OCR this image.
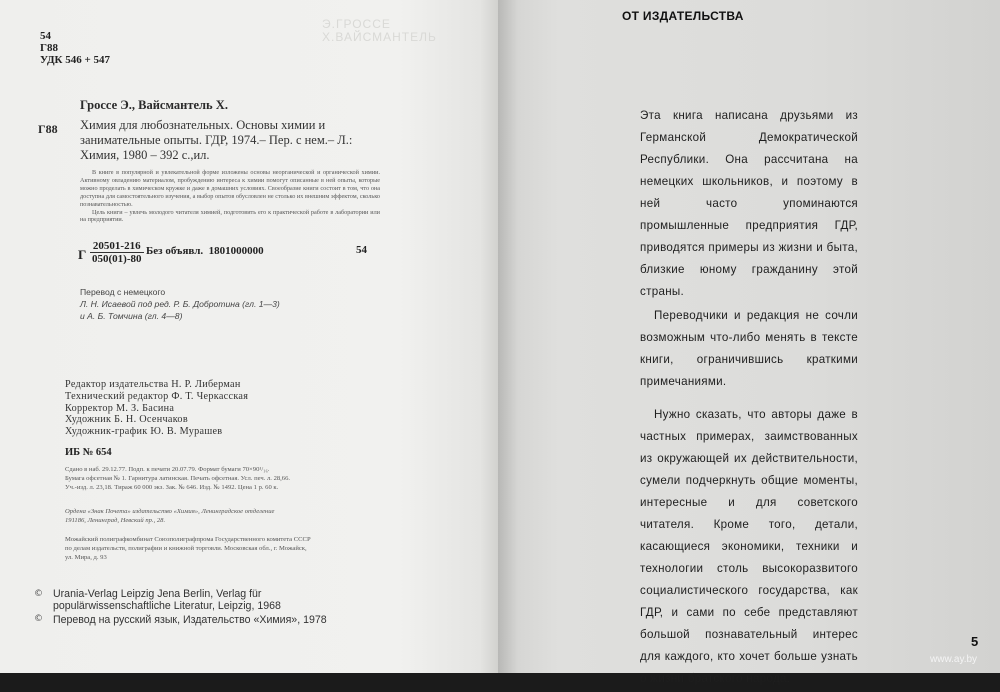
Э.ГРОССЕ
Х.ВАЙСМАНТЕЛЬ
54
Г88
УДК 546 + 547
Гроссе Э., Вайсмантель Х.
Г88 Химия для любознательных. Основы химии и занимательные опыты. ГДР, 1974.– Пер. с нем.– Л.: Химия, 1980 – 392 с.,ил.
В книге в популярной и увлекательной форме изложены основы неорганической и органической химии. Активному овладению материалом, пробуждению интереса к химии помогут описанные в ней опыты, которые можно проделать в химическом кружке и даже в домашних условиях. Своеобразие книги состоит в том, что она доступна для самостоятельного изучения, а выбор опытов обусловлен не столько их внешним эффектом, сколько познавательностью.
Цель книги – увлечь молодого читателя химией, подготовить его к практической работе в лаборатории или на предприятии.
Г $\frac{20501-216}{050(01)-80}$ Без объявл. 1801000000	54
Перевод с немецкого
Л. Н. Исаевой под ред. Р. Б. Добротина (гл. 1—3)
и А. Б. Томчина (гл. 4—8)
Редактор издательства Н. Р. Либерман
Технический редактор Ф. Т. Черкасская
Корректор М. З. Басина
Художник Б. Н. Осенчаков
Художник-график Ю. В. Мурашев
ИБ № 654
Сдано в наб. 29.12.77. Подп. к печати 20.07.79. Формат бумаги 70×90¹/₁₆.
Бумага офсетная № 1. Гарнитура латинская. Печать офсетная. Усл. печ. л. 28,66.
Уч.-изд. л. 23,18. Тираж 60 000 экз. Зак. № 646. Изд. № 1492. Цена 1 р. 60 к.
Ордена «Знак Почета» издательство «Химия», Ленинградское отделение
191186, Ленинград, Невский пр., 28.
Можайский полиграфкомбинат Союзполиграфпрома Государственного комитета СССР
по делам издательств, полиграфии и книжной торговли. Московская обл., г. Можайск,
ул. Мира, д. 93
© Urania-Verlag Leipzig Jena Berlin, Verlag für
populärwissenschaftliche Literatur, Leipzig, 1968
© Перевод на русский язык, Издательство «Химия», 1978
ОТ ИЗДАТЕЛЬСТВА

Эта книга написана друзьями из Германской Демократической Республики. Она рассчитана на немецких школьников, и поэтому в ней часто упоминаются промышленные предприятия ГДР, приводятся примеры из жизни и быта, близкие юному гражданину этой страны.

Переводчики и редакция не сочли возможным что-либо менять в тексте книги, ограничившись краткими примечаниями.

Нужно сказать, что авторы даже в частных примерах, заимствованных из окружающей их действительности, сумели подчеркнуть общие моменты, интересные и для советского читателя. Кроме того, детали, касающиеся экономики, техники и технологии столь высокоразвитого социалистического государства, как ГДР, и сами по себе представляют большой познавательный интерес для каждого, кто хочет больше узнать о жизни братского народа.

5
www.ay.by
